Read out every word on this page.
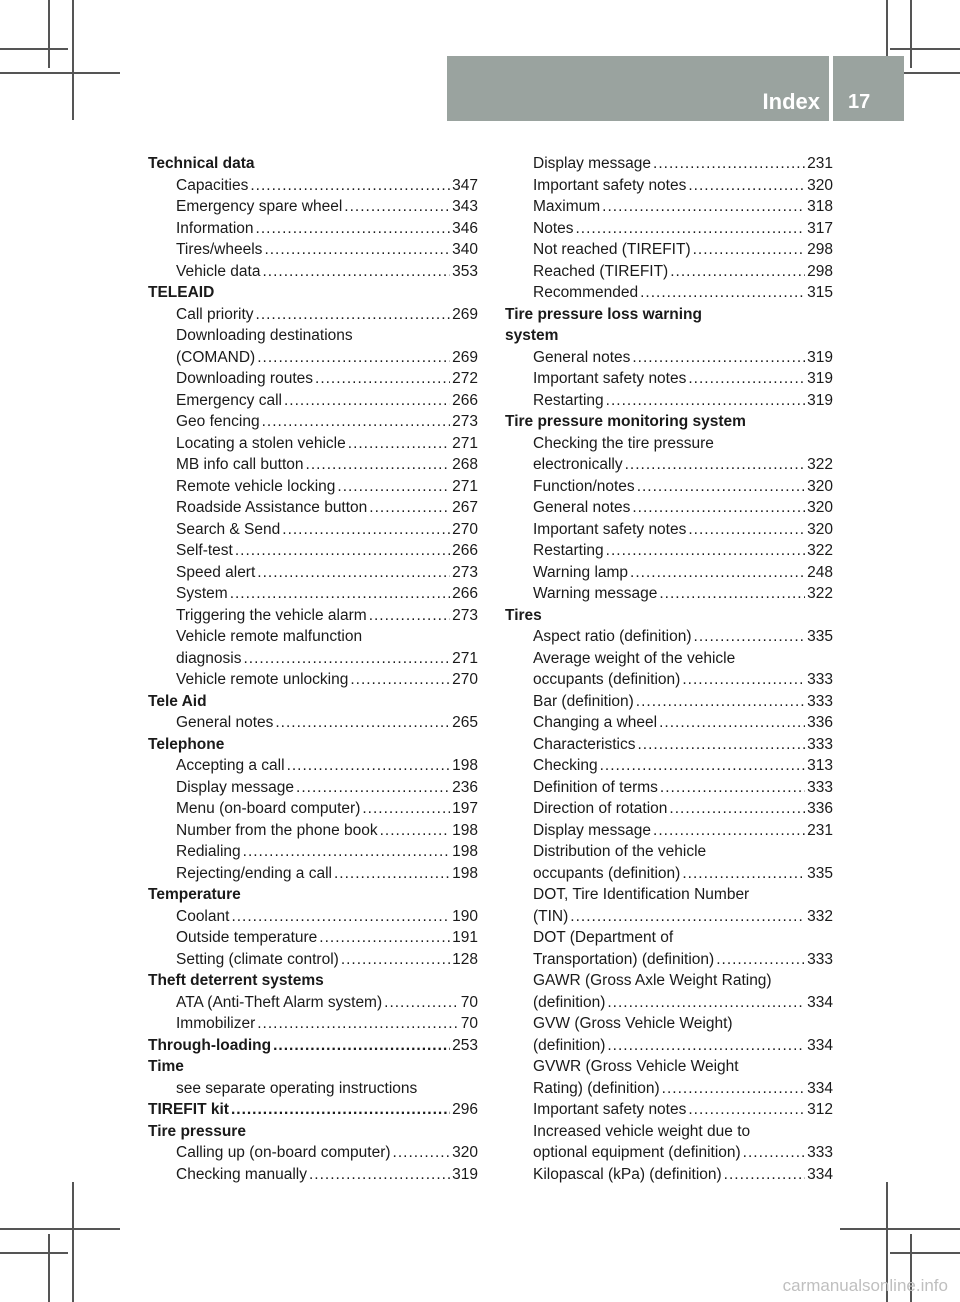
Index 17
Technical data
Capacities .....	347
Emergency spare wheel .....	343
Information .....	346
Tires/wheels .....	340
Vehicle data .....	353
TELEAID
Call priority .....	269
Downloading destinations
(COMAND) .....	269
Downloading routes .....	272
Emergency call .....	266
Geo fencing .....	273
Locating a stolen vehicle .....	271
MB info call button .....	268
Remote vehicle locking .....	271
Roadside Assistance button .....	267
Search & Send .....	270
Self-test .....	266
Speed alert .....	273
System .....	266
Triggering the vehicle alarm .....	273
Vehicle remote malfunction
diagnosis .....	271
Vehicle remote unlocking .....	270
Tele Aid
General notes .....	265
Telephone
Accepting a call .....	198
Display message .....	236
Menu (on-board computer) .....	197
Number from the phone book .....	198
Redialing .....	198
Rejecting/ending a call .....	198
Temperature
Coolant .....	190
Outside temperature .....	191
Setting (climate control) .....	128
Theft deterrent systems
ATA (Anti-Theft Alarm system) .....	70
Immobilizer .....	70
Through-loading .....	253
Time
see separate operating instructions
TIREFIT kit .....	296
Tire pressure
Calling up (on-board computer) .....	320
Checking manually .....	319
Display message .....	231
Important safety notes .....	320
Maximum .....	318
Notes .....	317
Not reached (TIREFIT) .....	298
Reached (TIREFIT) .....	298
Recommended .....	315
Tire pressure loss warning
system
General notes .....	319
Important safety notes .....	319
Restarting .....	319
Tire pressure monitoring system
Checking the tire pressure
electronically .....	322
Function/notes .....	320
General notes .....	320
Important safety notes .....	320
Restarting .....	322
Warning lamp .....	248
Warning message .....	322
Tires
Aspect ratio (definition) .....	335
Average weight of the vehicle
occupants (definition) .....	333
Bar (definition) .....	333
Changing a wheel .....	336
Characteristics .....	333
Checking .....	313
Definition of terms .....	333
Direction of rotation .....	336
Display message .....	231
Distribution of the vehicle
occupants (definition) .....	335
DOT, Tire Identification Number
(TIN) .....	332
DOT (Department of
Transportation) (definition) .....	333
GAWR (Gross Axle Weight Rating)
(definition) .....	334
GVW (Gross Vehicle Weight)
(definition) .....	334
GVWR (Gross Vehicle Weight
Rating) (definition) .....	334
Important safety notes .....	312
Increased vehicle weight due to
optional equipment (definition) .....	333
Kilopascal (kPa) (definition) .....	334
carmanualsonline.info
